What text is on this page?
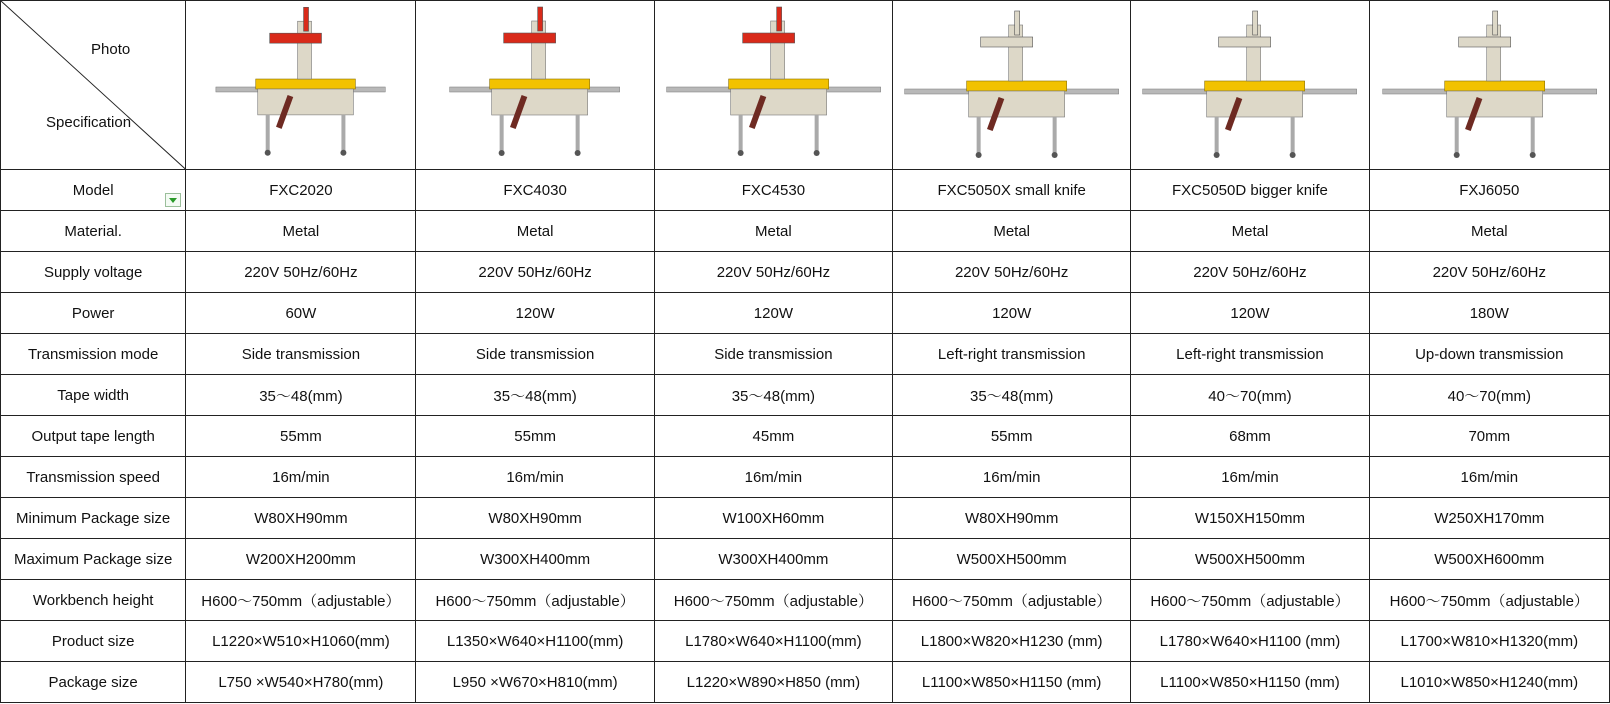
Photo
Specification

Model	FXC2020	FXC4030	FXC4530	FXC5050X small knife	FXC5050D bigger knife	FXJ6050
Material.	Metal	Metal	Metal	Metal	Metal	Metal
Supply voltage	220V 50Hz/60Hz	220V 50Hz/60Hz	220V 50Hz/60Hz	220V 50Hz/60Hz	220V 50Hz/60Hz	220V 50Hz/60Hz
Power	60W	120W	120W	120W	120W	180W
Transmission mode	Side transmission	Side transmission	Side transmission	Left-right transmission	Left-right transmission	Up-down transmission
Tape width	35～48(mm)	35～48(mm)	35～48(mm)	35～48(mm)	40～70(mm)	40～70(mm)
Output tape length	55mm	55mm	45mm	55mm	68mm	70mm
Transmission speed	16m/min	16m/min	16m/min	16m/min	16m/min	16m/min
Minimum Package size	W80XH90mm	W80XH90mm	W100XH60mm	W80XH90mm	W150XH150mm	W250XH170mm
Maximum Package size	W200XH200mm	W300XH400mm	W300XH400mm	W500XH500mm	W500XH500mm	W500XH600mm
Workbench height	H600～750mm（adjustable）	H600～750mm（adjustable）	H600～750mm（adjustable）	H600～750mm（adjustable）	H600～750mm（adjustable）	H600～750mm（adjustable）
Product size	L1220×W510×H1060(mm)	L1350×W640×H1100(mm)	L1780×W640×H1100(mm)	L1800×W820×H1230 (mm)	L1780×W640×H1100 (mm)	L1700×W810×H1320(mm)
Package size	L750 ×W540×H780(mm)	L950 ×W670×H810(mm)	L1220×W890×H850 (mm)	L1100×W850×H1150 (mm)	L1100×W850×H1150 (mm)	L1010×W850×H1240(mm)
